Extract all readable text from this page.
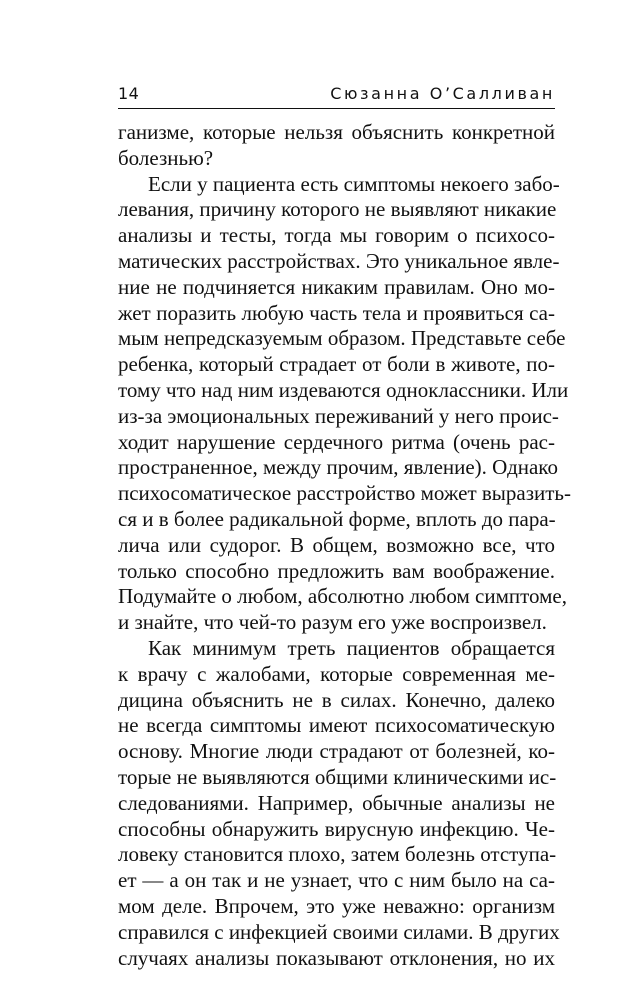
14	Сюзанна О’Салливан
ганизме, которые нельзя объяснить конкретной
болезнью?
Если у пациента есть симптомы некоего забо-
левания, причину которого не выявляют никакие
анализы и тесты, тогда мы говорим о психосо-
матических расстройствах. Это уникальное явле-
ние не подчиняется никаким правилам. Оно мо-
жет поразить любую часть тела и проявиться са-
мым непредсказуемым образом. Представьте себе
ребенка, который страдает от боли в животе, по-
тому что над ним издеваются одноклассники. Или
из-за эмоциональных переживаний у него проис-
ходит нарушение сердечного ритма (очень рас-
пространенное, между прочим, явление). Однако
психосоматическое расстройство может выразить-
ся и в более радикальной форме, вплоть до пара-
лича или судорог. В общем, возможно все, что
только способно предложить вам воображение.
Подумайте о любом, абсолютно любом симптоме,
и знайте, что чей-то разум его уже воспроизвел.
Как минимум треть пациентов обращается
к врачу с жалобами, которые современная ме-
дицина объяснить не в силах. Конечно, далеко
не всегда симптомы имеют психосоматическую
основу. Многие люди страдают от болезней, ко-
торые не выявляются общими клиническими ис-
следованиями. Например, обычные анализы не
способны обнаружить вирусную инфекцию. Че-
ловеку становится плохо, затем болезнь отступа-
ет — а он так и не узнает, что с ним было на са-
мом деле. Впрочем, это уже неважно: организм
справился с инфекцией своими силами. В других
случаях анализы показывают отклонения, но их
